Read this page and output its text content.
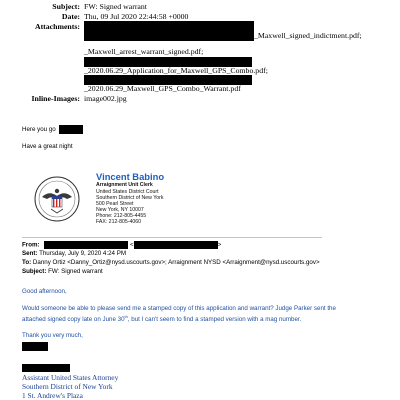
Subject: FW: Signed warrant
Date: Thu, 09 Jul 2020 22:44:58 +0000
Attachments:
_Maxwell_signed_indictment.pdf;
_Maxwell_arrest_warrant_signed.pdf;
_2020.06.29_Application_for_Maxwell_GPS_Combo.pdf;
_2020.06.29_Maxwell_GPS_Combo_Warrant.pdf
Inline-Images: image002.jpg
Here you go
Have a great night
Vincent Babino
Arraignment Unit Clerk
United States District Court
Southern District of New York
500 Pearl Street
New York, NY 10007
Phone: 212-805-4455
FAX: 212-805-4060
From:	<	>
Sent: Thursday, July 9, 2020 4:24 PM
To: Danny Ortiz <Danny_Ortiz@nysd.uscourts.gov>; Arraignment NYSD <Arraignment@nysd.uscourts.gov>
Subject: FW: Signed warrant
Good afternoon,
Would someone be able to please send me a stamped copy of this application and warrant? Judge Parker sent the
attached signed copy late on June 30th, but I can't seem to find a stamped version with a mag number.
Thank you very much,
Assistant United States Attorney
Southern District of New York
1 St. Andrew's Plaza
